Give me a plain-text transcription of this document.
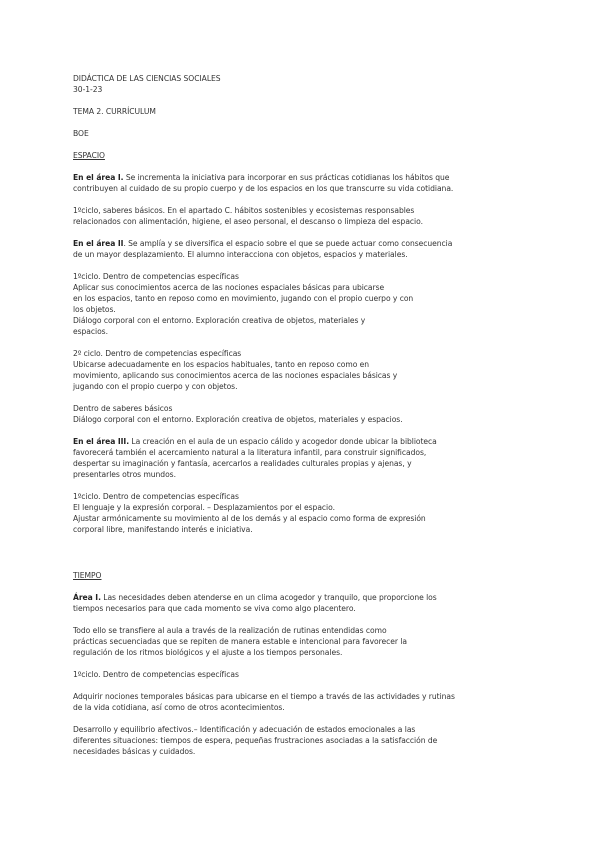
DIDÁCTICA DE LAS CIENCIAS SOCIALES
30-1-23
TEMA 2. CURRÍCULUM
BOE
ESPACIO
En el área I. Se incrementa la iniciativa para incorporar en sus prácticas cotidianas los hábitos que
contribuyen al cuidado de su propio cuerpo y de los espacios en los que transcurre su vida cotidiana.
1ºciclo, saberes básicos. En el apartado C. hábitos sostenibles y ecosistemas responsables
relacionados con alimentación, higiene, el aseo personal, el descanso o limpieza del espacio.
En el área II. Se amplía y se diversifica el espacio sobre el que se puede actuar como consecuencia
de un mayor desplazamiento. El alumno interacciona con objetos, espacios y materiales.
1ºciclo. Dentro de competencias específicas
Aplicar sus conocimientos acerca de las nociones espaciales básicas para ubicarse
en los espacios, tanto en reposo como en movimiento, jugando con el propio cuerpo y con
los objetos.
Diálogo corporal con el entorno. Exploración creativa de objetos, materiales y
espacios.
2º ciclo. Dentro de competencias específicas
Ubicarse adecuadamente en los espacios habituales, tanto en reposo como en
movimiento, aplicando sus conocimientos acerca de las nociones espaciales básicas y
jugando con el propio cuerpo y con objetos.
Dentro de saberes básicos
Diálogo corporal con el entorno. Exploración creativa de objetos, materiales y espacios.
En el área III. La creación en el aula de un espacio cálido y acogedor donde ubicar la biblioteca
favorecerá también el acercamiento natural a la literatura infantil, para construir significados,
despertar su imaginación y fantasía, acercarlos a realidades culturales propias y ajenas, y
presentarles otros mundos.
1ºciclo. Dentro de competencias específicas
El lenguaje y la expresión corporal. – Desplazamientos por el espacio.
Ajustar armónicamente su movimiento al de los demás y al espacio como forma de expresión
corporal libre, manifestando interés e iniciativa.
TIEMPO
Área I. Las necesidades deben atenderse en un clima acogedor y tranquilo, que proporcione los
tiempos necesarios para que cada momento se viva como algo placentero.
Todo ello se transfiere al aula a través de la realización de rutinas entendidas como
prácticas secuenciadas que se repiten de manera estable e intencional para favorecer la
regulación de los ritmos biológicos y el ajuste a los tiempos personales.
1ºciclo. Dentro de competencias específicas
Adquirir nociones temporales básicas para ubicarse en el tiempo a través de las actividades y rutinas
de la vida cotidiana, así como de otros acontecimientos.
Desarrollo y equilibrio afectivos.– Identificación y adecuación de estados emocionales a las
diferentes situaciones: tiempos de espera, pequeñas frustraciones asociadas a la satisfacción de
necesidades básicas y cuidados.
